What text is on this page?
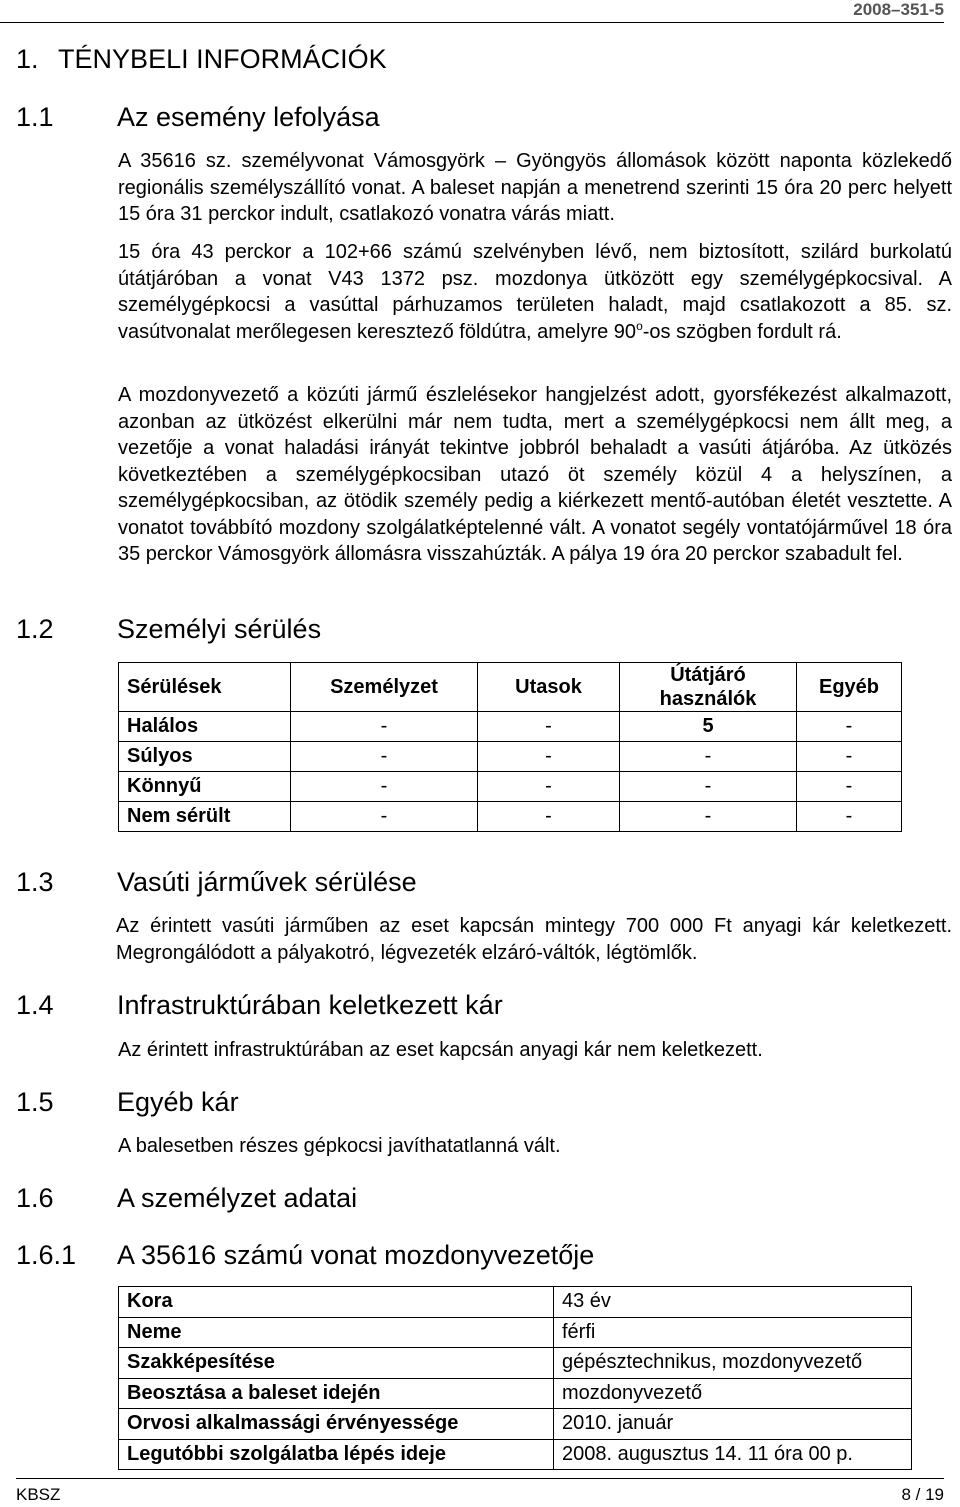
2008–351-5
1. TÉNYBELI INFORMÁCIÓK
1.1 Az esemény lefolyása

A 35616 sz. személyvonat Vámosgyörk – Gyöngyös állomások között naponta közlekedő regionális személyszállító vonat. A baleset napján a menetrend szerinti 15 óra 20 perc helyett 15 óra 31 perckor indult, csatlakozó vonatra várás miatt.

15 óra 43 perckor a 102+66 számú szelvényben lévő, nem biztosított, szilárd burkolatú útátjáróban a vonat V43 1372 psz. mozdonya ütközött egy személygépkocsival. A személygépkocsi a vasúttal párhuzamos területen haladt, majd csatlakozott a 85. sz. vasútvonalat merőlegesen keresztező földútra, amelyre 90$^o$-os szögben fordult rá.

A mozdonyvezető a közúti jármű észlelésekor hangjelzést adott, gyorsfékezést alkalmazott, azonban az ütközést elkerülni már nem tudta, mert a személygépkocsi nem állt meg, a vezetője a vonat haladási irányát tekintve jobbról behaladt a vasúti átjáróba. Az ütközés következtében a személygépkocsiban utazó öt személy közül 4 a helyszínen, a személygépkocsiban, az ötödik személy pedig a kiérkezett mentő-autóban életét vesztette. A vonatot továbbító mozdony szolgálatképtelenné vált. A vonatot segély vontatójárművel 18 óra 35 perckor Vámosgyörk állomásra visszahúzták. A pálya 19 óra 20 perckor szabadult fel.

1.2 Személyi sérülés
Sérülések	Személyzet	Utasok	Útátjáró
használók	Egyéb
Halálos	-	-	5	-
Súlyos	-	-	-	-
Könnyű	-	-	-	-
Nem sérült	-	-	-	-
1.3 Vasúti járművek sérülése

Az érintett vasúti járműben az eset kapcsán mintegy 700 000 Ft anyagi kár keletkezett. Megrongálódott a pályakotró, légvezeték elzáró-váltók, légtömlők.

1.4 Infrastruktúrában keletkezett kár

Az érintett infrastruktúrában az eset kapcsán anyagi kár nem keletkezett.

1.5 Egyéb kár

A balesetben részes gépkocsi javíthatatlanná vált.

1.6 A személyzet adatai
1.6.1 A 35616 számú vonat mozdonyvezetője
Kora	43 év
Neme	férfi
Szakképesítése	gépésztechnikus, mozdonyvezető
Beosztása a baleset idején	mozdonyvezető
Orvosi alkalmassági érvényessége	2010. január
Legutóbbi szolgálatba lépés ideje	2008. augusztus 14. 11 óra 00 p.
KBSZ	8 / 19
